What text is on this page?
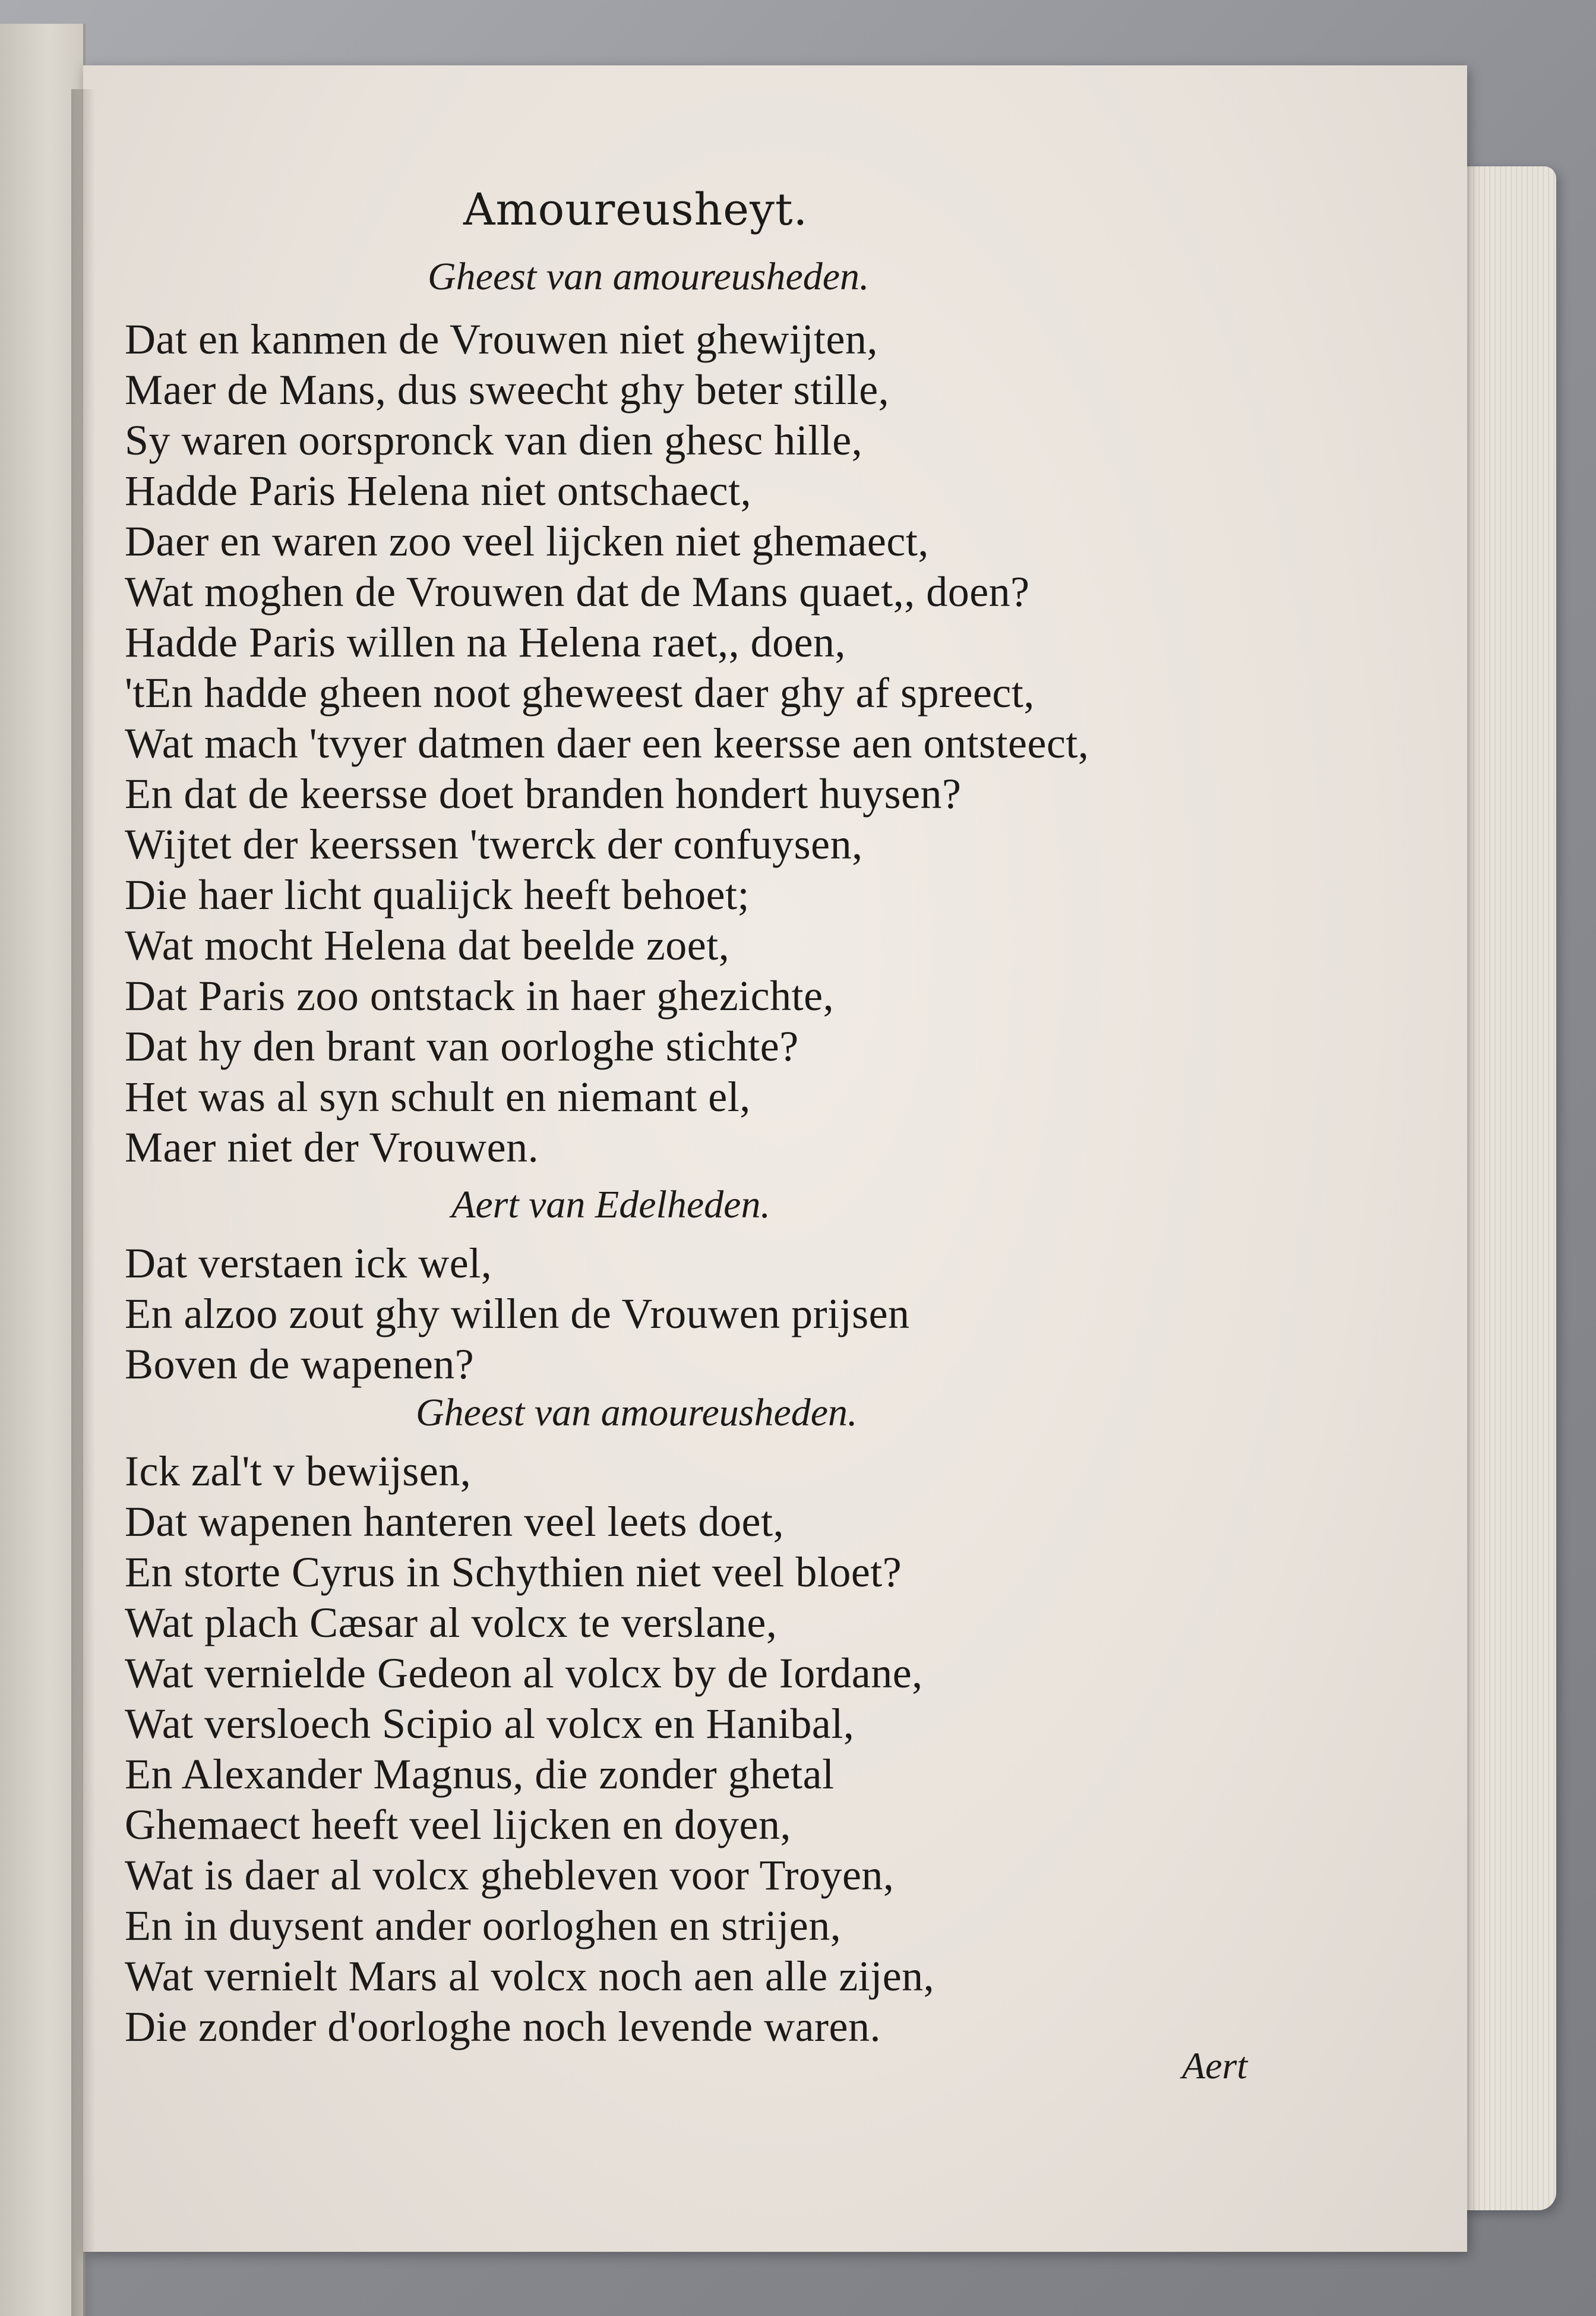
Amoureusheyt.
Gheest van amoureusheden.
Dat en kanmen de Vrouwen niet ghewijten,
Maer de Mans, dus sweecht ghy beter stille,
Sy waren oorspronck van dien ghesc hille,
Hadde Paris Helena niet ontschaect,
Daer en waren zoo veel lijcken niet ghemaect,
Wat moghen de Vrouwen dat de Mans quaet,, doen?
Hadde Paris willen na Helena raet,, doen,
'tEn hadde gheen noot gheweest daer ghy af spreect,
Wat mach 'tvyer datmen daer een keersse aen ontsteect,
En dat de keersse doet branden hondert huysen?
Wijtet der keerssen 'twerck der confuysen,
Die haer licht qualijck heeft behoet;
Wat mocht Helena dat beelde zoet,
Dat Paris zoo ontstack in haer ghezichte,
Dat hy den brant van oorloghe stichte?
Het was al syn schult en niemant el,
Maer niet der Vrouwen.
Aert van Edelheden.
Dat verstaen ick wel,
En alzoo zout ghy willen de Vrouwen prijsen
Boven de wapenen?
Gheest van amoureusheden.
Ick zal't v bewijsen,
Dat wapenen hanteren veel leets doet,
En storte Cyrus in Schythien niet veel bloet?
Wat plach Cæsar al volcx te verslane,
Wat vernielde Gedeon al volcx by de Iordane,
Wat versloech Scipio al volcx en Hanibal,
En Alexander Magnus, die zonder ghetal
Ghemaect heeft veel lijcken en doyen,
Wat is daer al volcx ghebleven voor Troyen,
En in duysent ander oorloghen en strijen,
Wat vernielt Mars al volcx noch aen alle zijen,
Die zonder d'oorloghe noch levende waren.
Aert
